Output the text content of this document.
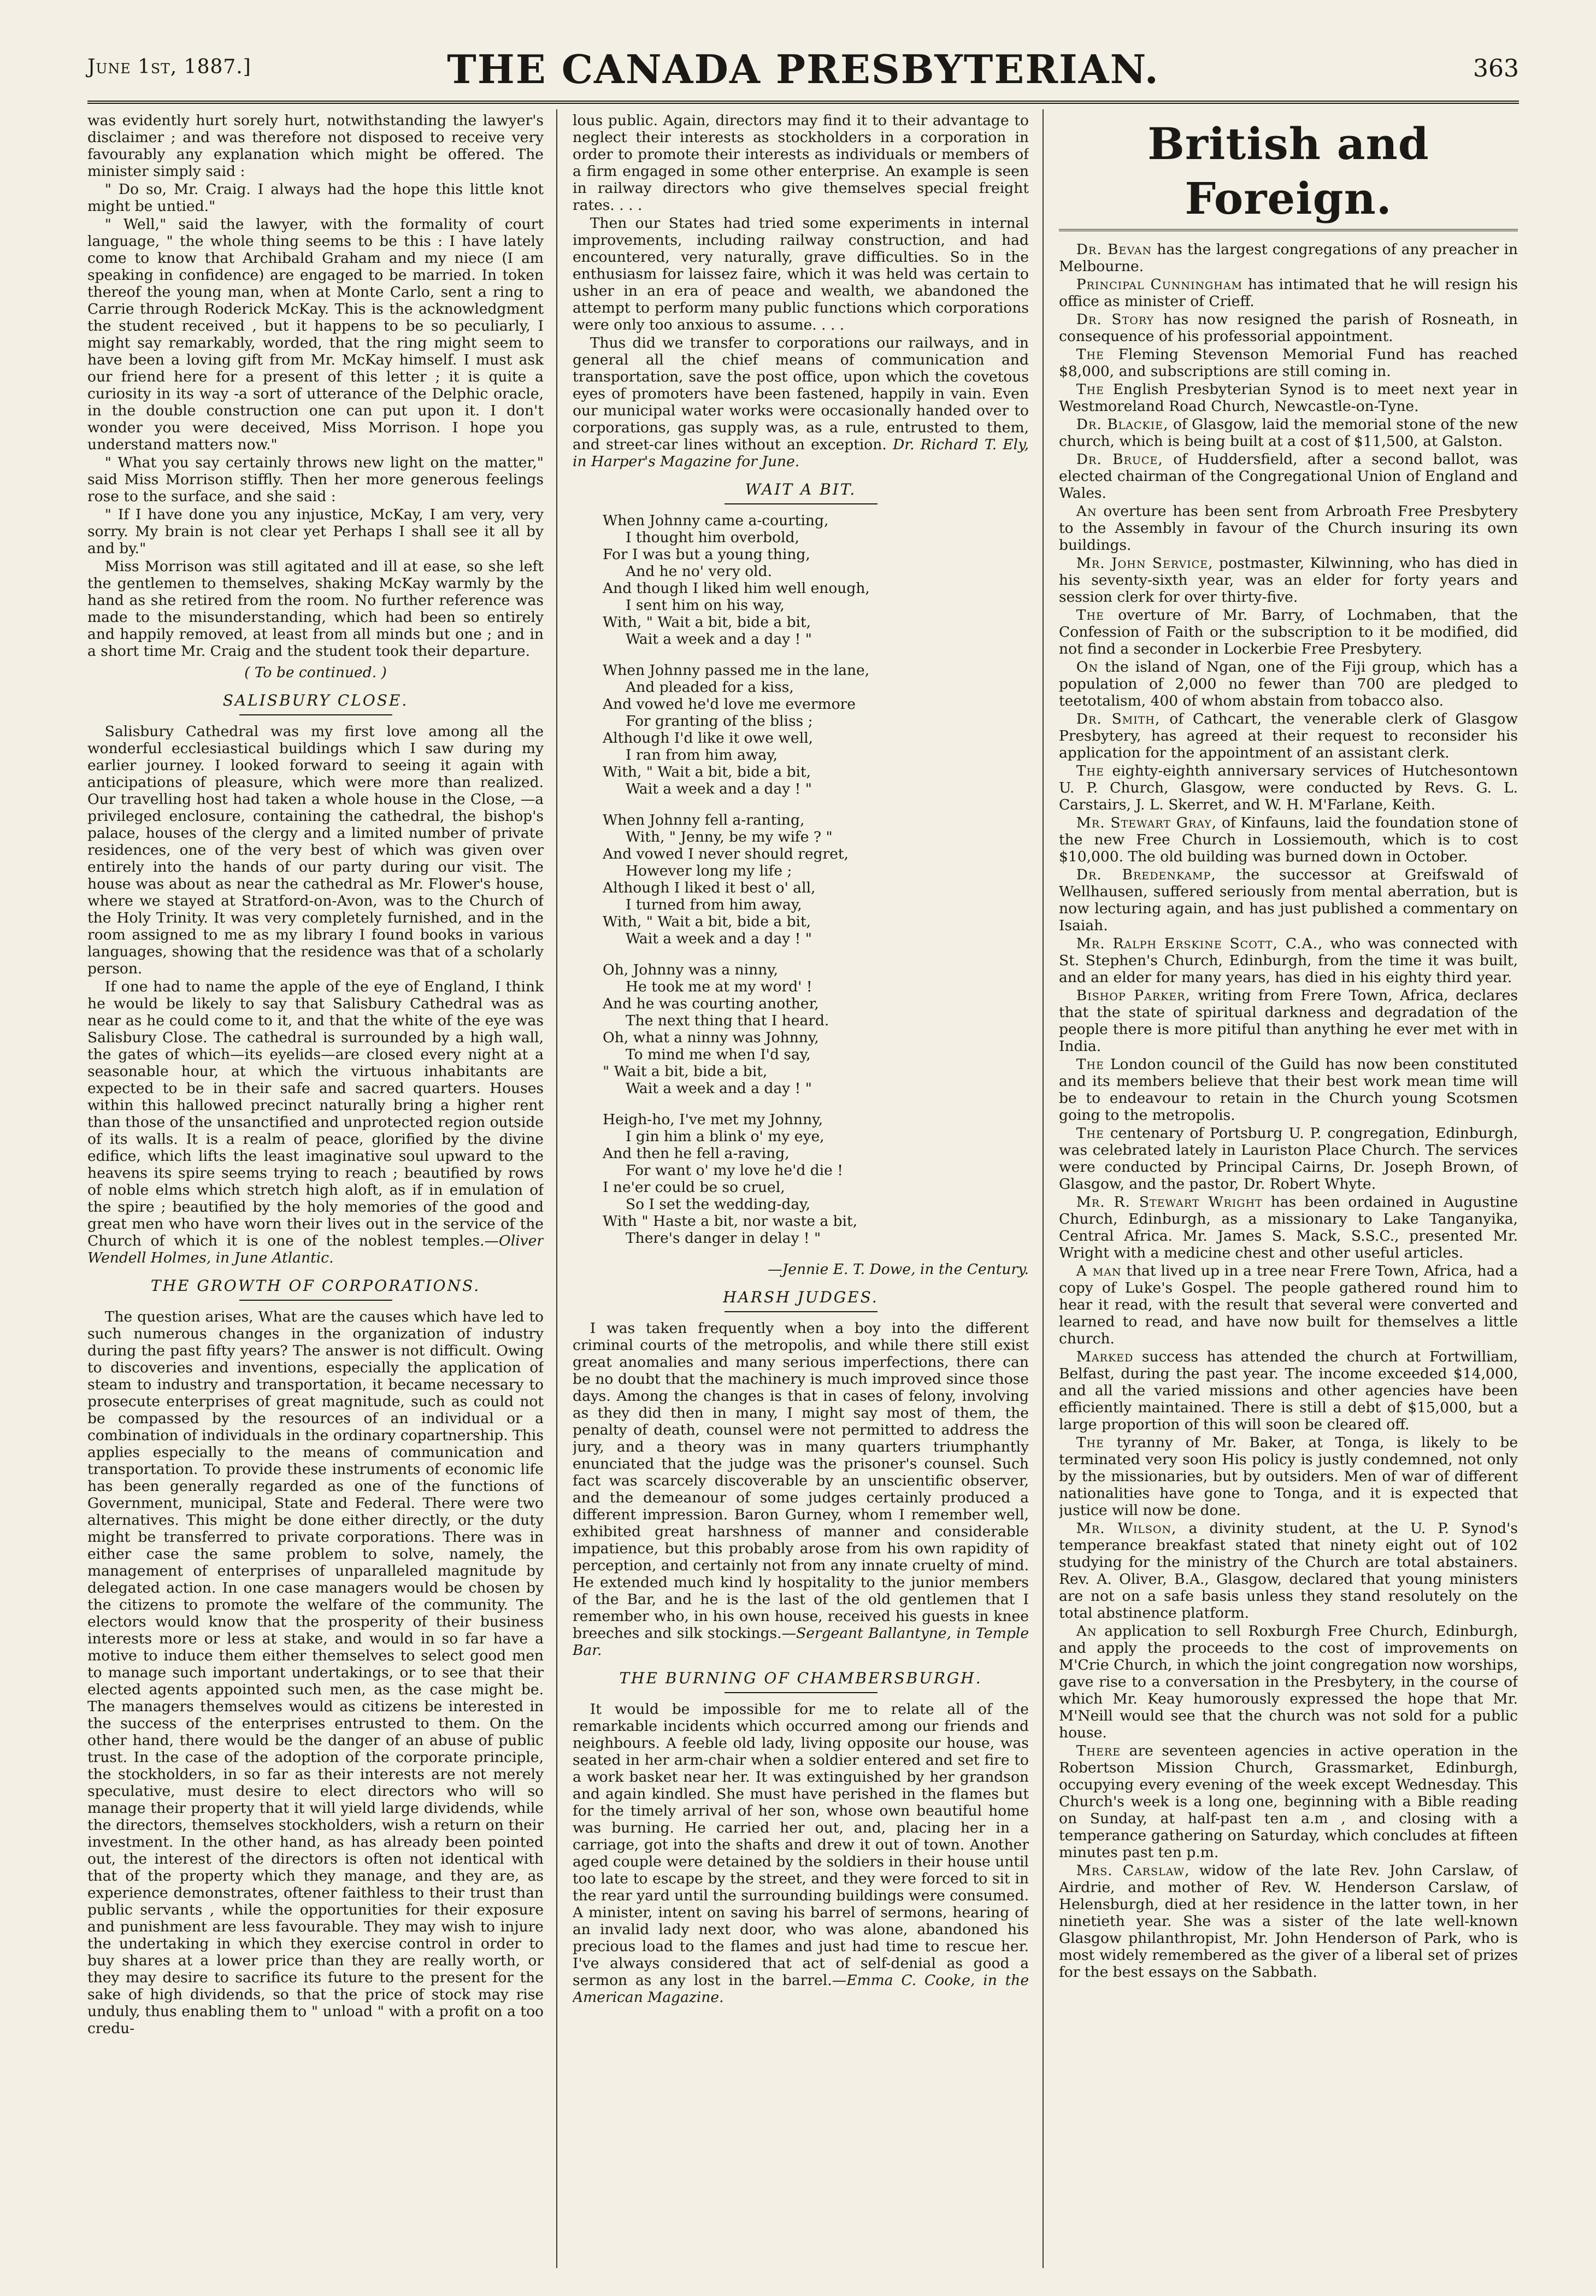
June 1st, 1887.]	THE CANADA PRESBYTERIAN.	363

was evidently hurt sorely hurt, notwithstanding the lawyer's disclaimer ; and was therefore not disposed to receive very favourably any explanation which might be offered. The minister simply said :

" Do so, Mr. Craig. I always had the hope this little knot might be untied."

" Well," said the lawyer, with the formality of court language, " the whole thing seems to be this : I have lately come to know that Archibald Graham and my niece (I am speaking in confidence) are engaged to be married. In token thereof the young man, when at Monte Carlo, sent a ring to Carrie through Roderick McKay. This is the acknowledgment the student received , but it happens to be so peculiarly, I might say remarkably, worded, that the ring might seem to have been a loving gift from Mr. McKay himself. I must ask our friend here for a present of this letter ; it is quite a curiosity in its way -a sort of utterance of the Delphic oracle, in the double construction one can put upon it. I don't wonder you were deceived, Miss Morrison. I hope you understand matters now."

" What you say certainly throws new light on the matter," said Miss Morrison stiffly. Then her more generous feelings rose to the surface, and she said :

" If I have done you any injustice, McKay, I am very, very sorry. My brain is not clear yet Perhaps I shall see it all by and by."

Miss Morrison was still agitated and ill at ease, so she left the gentlemen to themselves, shaking McKay warmly by the hand as she retired from the room. No further reference was made to the misunderstanding, which had been so entirely and happily removed, at least from all minds but one ; and in a short time Mr. Craig and the student took their departure.

( To be continued. )
SALISBURY CLOSE.

Salisbury Cathedral was my first love among all the wonderful ecclesiastical buildings which I saw during my earlier journey. I looked forward to seeing it again with anticipations of pleasure, which were more than realized. Our travelling host had taken a whole house in the Close, —a privileged enclosure, containing the cathedral, the bishop's palace, houses of the clergy and a limited number of private residences, one of the very best of which was given over entirely into the hands of our party during our visit. The house was about as near the cathedral as Mr. Flower's house, where we stayed at Stratford-on-Avon, was to the Church of the Holy Trinity. It was very completely furnished, and in the room assigned to me as my library I found books in various languages, showing that the residence was that of a scholarly person.

If one had to name the apple of the eye of England, I think he would be likely to say that Salisbury Cathedral was as near as he could come to it, and that the white of the eye was Salisbury Close. The cathedral is surrounded by a high wall, the gates of which—its eyelids—are closed every night at a seasonable hour, at which the virtuous inhabitants are expected to be in their safe and sacred quarters. Houses within this hallowed precinct naturally bring a higher rent than those of the unsanctified and unprotected region outside of its walls. It is a realm of peace, glorified by the divine edifice, which lifts the least imaginative soul upward to the heavens its spire seems trying to reach ; beautified by rows of noble elms which stretch high aloft, as if in emulation of the spire ; beautified by the holy memories of the good and great men who have worn their lives out in the service of the Church of which it is one of the noblest temples.—Oliver Wendell Holmes, in June Atlantic.

THE GROWTH OF CORPORATIONS.

The question arises, What are the causes which have led to such numerous changes in the organization of industry during the past fifty years? The answer is not difficult. Owing to discoveries and inventions, especially the application of steam to industry and transportation, it became necessary to prosecute enterprises of great magnitude, such as could not be compassed by the resources of an individual or a combination of individuals in the ordinary copartnership. This applies especially to the means of communication and transportation. To provide these instruments of economic life has been generally regarded as one of the functions of Government, municipal, State and Federal. There were two alternatives. This might be done either directly, or the duty might be transferred to private corporations. There was in either case the same problem to solve, namely, the management of enterprises of unparalleled magnitude by delegated action. In one case managers would be chosen by the citizens to promote the welfare of the community. The electors would know that the prosperity of their business interests more or less at stake, and would in so far have a motive to induce them either themselves to select good men to manage such important undertakings, or to see that their elected agents appointed such men, as the case might be. The managers themselves would as citizens be interested in the success of the enterprises entrusted to them. On the other hand, there would be the danger of an abuse of public trust. In the case of the adoption of the corporate principle, the stockholders, in so far as their interests are not merely speculative, must desire to elect directors who will so manage their property that it will yield large dividends, while the directors, themselves stockholders, wish a return on their investment. In the other hand, as has already been pointed out, the interest of the directors is often not identical with that of the property which they manage, and they are, as experience demonstrates, oftener faithless to their trust than public servants , while the opportunities for their exposure and punishment are less favourable. They may wish to injure the undertaking in which they exercise control in order to buy shares at a lower price than they are really worth, or they may desire to sacrifice its future to the present for the sake of high dividends, so that the price of stock may rise unduly, thus enabling them to " unload " with a profit on a too credu-

lous public. Again, directors may find it to their advantage to neglect their interests as stockholders in a corporation in order to promote their interests as individuals or members of a firm engaged in some other enterprise. An example is seen in railway directors who give themselves special freight rates. . . .

Then our States had tried some experiments in internal improvements, including railway construction, and had encountered, very naturally, grave difficulties. So in the enthusiasm for laissez faire, which it was held was certain to usher in an era of peace and wealth, we abandoned the attempt to perform many public functions which corporations were only too anxious to assume. . . .

Thus did we transfer to corporations our railways, and in general all the chief means of communication and transportation, save the post office, upon which the covetous eyes of promoters have been fastened, happily in vain. Even our municipal water works were occasionally handed over to corporations, gas supply was, as a rule, entrusted to them, and street-car lines without an exception. Dr. Richard T. Ely, in Harper's Magazine for June.

WAIT A BIT.
When Johnny came a-courting,
I thought him overbold,
For I was but a young thing,
And he no' very old.
And though I liked him well enough,
I sent him on his way,
With, " Wait a bit, bide a bit,
Wait a week and a day ! "
When Johnny passed me in the lane,
And pleaded for a kiss,
And vowed he'd love me evermore
For granting of the bliss ;
Although I'd like it owe well,
I ran from him away,
With, " Wait a bit, bide a bit,
Wait a week and a day ! "
When Johnny fell a-ranting,
With, " Jenny, be my wife ? "
And vowed I never should regret,
However long my life ;
Although I liked it best o' all,
I turned from him away,
With, " Wait a bit, bide a bit,
Wait a week and a day ! "
Oh, Johnny was a ninny,
He took me at my word' !
And he was courting another,
The next thing that I heard.
Oh, what a ninny was Johnny,
To mind me when I'd say,
" Wait a bit, bide a bit,
Wait a week and a day ! "
Heigh-ho, I've met my Johnny,
I gin him a blink o' my eye,
And then he fell a-raving,
For want o' my love he'd die !
I ne'er could be so cruel,
So I set the wedding-day,
With " Haste a bit, nor waste a bit,
There's danger in delay ! "
—Jennie E. T. Dowe, in the Century.
HARSH JUDGES.

I was taken frequently when a boy into the different criminal courts of the metropolis, and while there still exist great anomalies and many serious imperfections, there can be no doubt that the machinery is much improved since those days. Among the changes is that in cases of felony, involving as they did then in many, I might say most of them, the penalty of death, counsel were not permitted to address the jury, and a theory was in many quarters triumphantly enunciated that the judge was the prisoner's counsel. Such fact was scarcely discoverable by an unscientific observer, and the demeanour of some judges certainly produced a different impression. Baron Gurney, whom I remember well, exhibited great harshness of manner and considerable impatience, but this probably arose from his own rapidity of perception, and certainly not from any innate cruelty of mind. He extended much kind ly hospitality to the junior members of the Bar, and he is the last of the old gentlemen that I remember who, in his own house, received his guests in knee breeches and silk stockings.—Sergeant Ballantyne, in Temple Bar.

THE BURNING OF CHAMBERSBURGH.

It would be impossible for me to relate all of the remarkable incidents which occurred among our friends and neighbours. A feeble old lady, living opposite our house, was seated in her arm-chair when a soldier entered and set fire to a work basket near her. It was extinguished by her grandson and again kindled. She must have perished in the flames but for the timely arrival of her son, whose own beautiful home was burning. He carried her out, and, placing her in a carriage, got into the shafts and drew it out of town. Another aged couple were detained by the soldiers in their house until too late to escape by the street, and they were forced to sit in the rear yard until the surrounding buildings were consumed. A minister, intent on saving his barrel of sermons, hearing of an invalid lady next door, who was alone, abandoned his precious load to the flames and just had time to rescue her. I've always considered that act of self-denial as good a sermon as any lost in the barrel.—Emma C. Cooke, in the American Magazine.

British and Foreign.

Dr. Bevan has the largest congregations of any preacher in Melbourne.

Principal Cunningham has intimated that he will resign his office as minister of Crieff.

Dr. Story has now resigned the parish of Rosneath, in consequence of his professorial appointment.

The Fleming Stevenson Memorial Fund has reached $8,000, and subscriptions are still coming in.

The English Presbyterian Synod is to meet next year in Westmoreland Road Church, Newcastle-on-Tyne.

Dr. Blackie, of Glasgow, laid the memorial stone of the new church, which is being built at a cost of $11,500, at Galston.

Dr. Bruce, of Huddersfield, after a second ballot, was elected chairman of the Congregational Union of England and Wales.

An overture has been sent from Arbroath Free Presbytery to the Assembly in favour of the Church insuring its own buildings.

Mr. John Service, postmaster, Kilwinning, who has died in his seventy-sixth year, was an elder for forty years and session clerk for over thirty-five.

The overture of Mr. Barry, of Lochmaben, that the Confession of Faith or the subscription to it be modified, did not find a seconder in Lockerbie Free Presbytery.

On the island of Ngan, one of the Fiji group, which has a population of 2,000 no fewer than 700 are pledged to teetotalism, 400 of whom abstain from tobacco also.

Dr. Smith, of Cathcart, the venerable clerk of Glasgow Presbytery, has agreed at their request to reconsider his application for the appointment of an assistant clerk.

The eighty-eighth anniversary services of Hutchesontown U. P. Church, Glasgow, were conducted by Revs. G. L. Carstairs, J. L. Skerret, and W. H. M'Farlane, Keith.

Mr. Stewart Gray, of Kinfauns, laid the foundation stone of the new Free Church in Lossiemouth, which is to cost $10,000. The old building was burned down in October.

Dr. Bredenkamp, the successor at Greifswald of Wellhausen, suffered seriously from mental aberration, but is now lecturing again, and has just published a commentary on Isaiah.

Mr. Ralph Erskine Scott, C.A., who was connected with St. Stephen's Church, Edinburgh, from the time it was built, and an elder for many years, has died in his eighty third year.

Bishop Parker, writing from Frere Town, Africa, declares that the state of spiritual darkness and degradation of the people there is more pitiful than anything he ever met with in India.

The London council of the Guild has now been constituted and its members believe that their best work mean time will be to endeavour to retain in the Church young Scotsmen going to the metropolis.

The centenary of Portsburg U. P. congregation, Edinburgh, was celebrated lately in Lauriston Place Church. The services were conducted by Principal Cairns, Dr. Joseph Brown, of Glasgow, and the pastor, Dr. Robert Whyte.

Mr. R. Stewart Wright has been ordained in Augustine Church, Edinburgh, as a missionary to Lake Tanganyika, Central Africa. Mr. James S. Mack, S.S.C., presented Mr. Wright with a medicine chest and other useful articles.

A man that lived up in a tree near Frere Town, Africa, had a copy of Luke's Gospel. The people gathered round him to hear it read, with the result that several were converted and learned to read, and have now built for themselves a little church.

Marked success has attended the church at Fortwilliam, Belfast, during the past year. The income exceeded $14,000, and all the varied missions and other agencies have been efficiently maintained. There is still a debt of $15,000, but a large proportion of this will soon be cleared off.

The tyranny of Mr. Baker, at Tonga, is likely to be terminated very soon His policy is justly condemned, not only by the missionaries, but by outsiders. Men of war of different nationalities have gone to Tonga, and it is expected that justice will now be done.

Mr. Wilson, a divinity student, at the U. P. Synod's temperance breakfast stated that ninety eight out of 102 studying for the ministry of the Church are total abstainers. Rev. A. Oliver, B.A., Glasgow, declared that young ministers are not on a safe basis unless they stand resolutely on the total abstinence platform.

An application to sell Roxburgh Free Church, Edinburgh, and apply the proceeds to the cost of improvements on M'Crie Church, in which the joint congregation now worships, gave rise to a conversation in the Presbytery, in the course of which Mr. Keay humorously expressed the hope that Mr. M'Neill would see that the church was not sold for a public house.

There are seventeen agencies in active operation in the Robertson Mission Church, Grassmarket, Edinburgh, occupying every evening of the week except Wednesday. This Church's week is a long one, beginning with a Bible reading on Sunday, at half-past ten a.m , and closing with a temperance gathering on Saturday, which concludes at fifteen minutes past ten p.m.

Mrs. Carslaw, widow of the late Rev. John Carslaw, of Airdrie, and mother of Rev. W. Henderson Carslaw, of Helensburgh, died at her residence in the latter town, in her ninetieth year. She was a sister of the late well-known Glasgow philanthropist, Mr. John Henderson of Park, who is most widely remembered as the giver of a liberal set of prizes for the best essays on the Sabbath.
